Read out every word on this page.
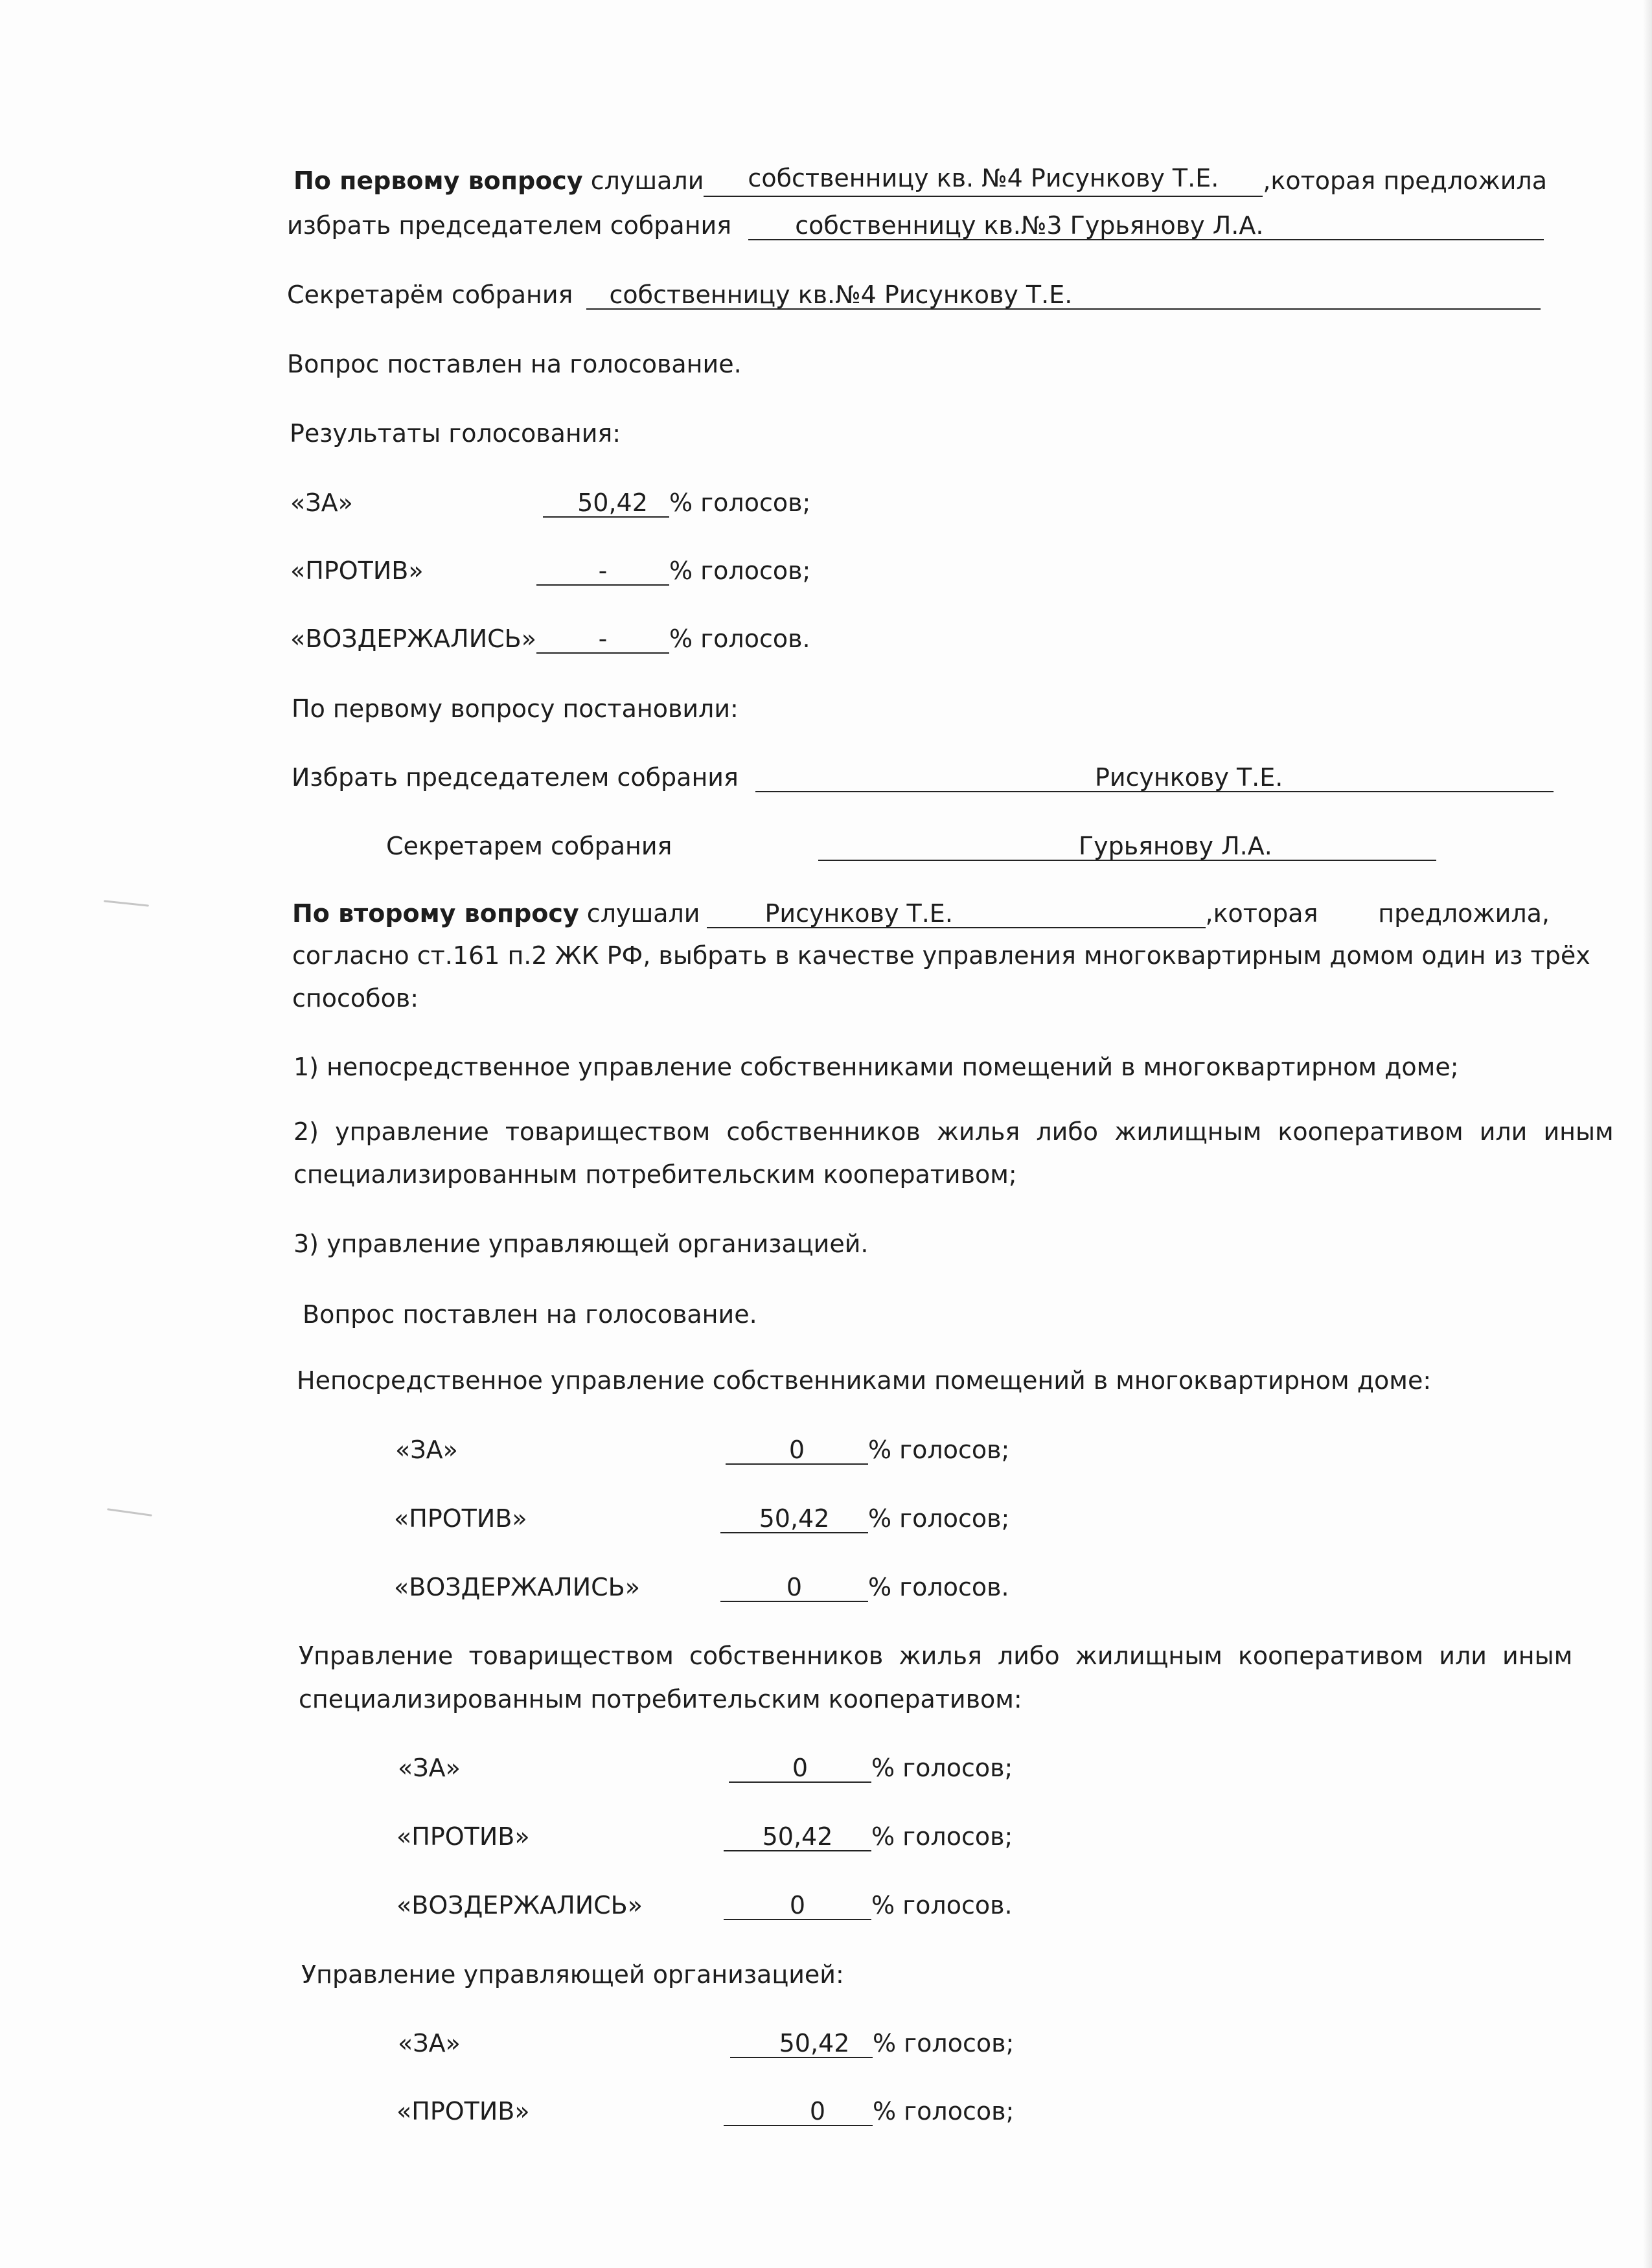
По первому вопросу слушали	собственницу кв. №4 Рисункову Т.Е.	,которая предложила
избрать председателем собрания	собственницу кв.№3 Гурьянову Л.А.
Секретарём собрания собственницу кв.№4 Рисункову Т.Е.
Вопрос поставлен на голосование.
Результаты голосования:
«ЗА»	50,42 % голосов;
«ПРОТИВ»	-	% голосов;
«ВОЗДЕРЖАЛИСЬ»	-	% голосов.
По первому вопросу постановили:
Избрать председателем собрания	Рисункову Т.Е.
Секретарем собрания	Гурьянову Л.А.
По второму вопросу слушали	Рисункову Т.Е.	,которая предложила,
согласно ст.161 п.2 ЖК РФ, выбрать в качестве управления многоквартирным домом один из трёх
способов:
1) непосредственное управление собственниками помещений в многоквартирном доме;
2) управление товариществом собственников жилья либо жилищным кооперативом или иным
специализированным потребительским кооперативом;
3) управление управляющей организацией.
Вопрос поставлен на голосование.
Непосредственное управление собственниками помещений в многоквартирном доме:
«ЗА»	0	% голосов;
«ПРОТИВ»	50,42 % голосов;
«ВОЗДЕРЖАЛИСЬ»	0	% голосов.
Управление товариществом собственников жилья либо жилищным кооперативом или иным
специализированным потребительским кооперативом:
«ЗА»	0	% голосов;
«ПРОТИВ»	50,42 % голосов;
«ВОЗДЕРЖАЛИСЬ»	0	% голосов.
Управление управляющей организацией:
«ЗА»	50,42 % голосов;
«ПРОТИВ»	0 % голосов;
